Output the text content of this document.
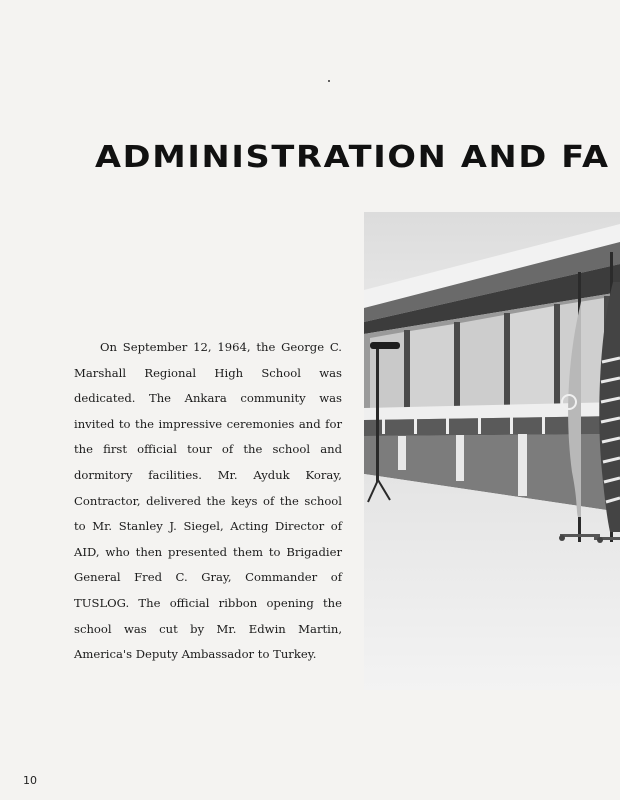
ADMINISTRATION AND FA

On September 12, 1964, the George C. Marshall Regional High School was dedicated. The Ankara community was invited to the impressive ceremonies and for the first official tour of the school and dormitory facilities. Mr. Ayduk Koray, Contractor, delivered the keys of the school to Mr. Stanley J. Siegel, Acting Director of AID, who then presented them to Brigadier General Fred C. Gray, Commander of TUSLOG. The official ribbon opening the school was cut by Mr. Edwin Martin, America's Deputy Ambassador to Turkey.

10
